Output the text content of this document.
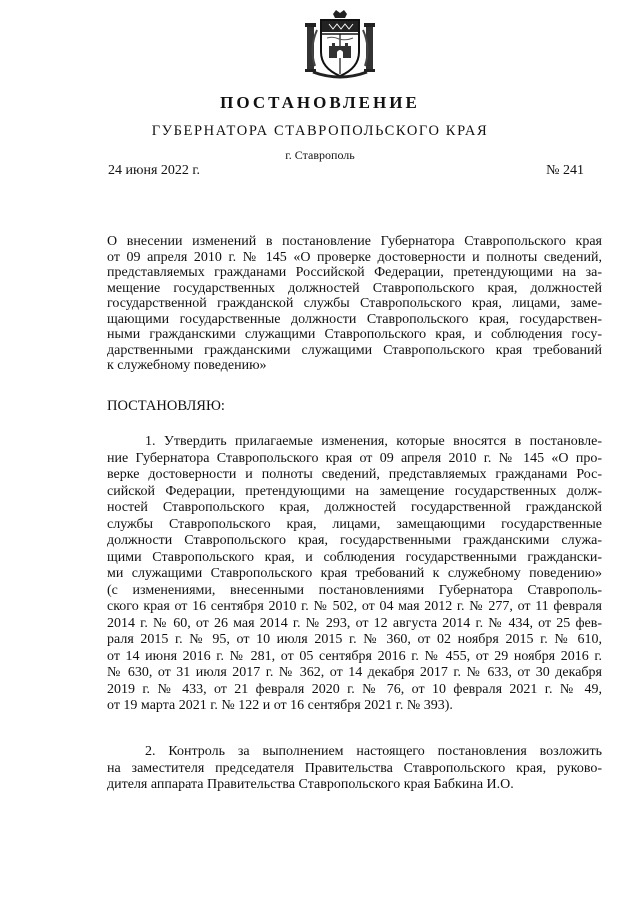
ПОСТАНОВЛЕНИЕ
ГУБЕРНАТОРА СТАВРОПОЛЬСКОГО КРАЯ
г. Ставрополь
24 июня 2022 г.	№ 241
О внесении изменений в постановление Губернатора Ставропольского края
от 09 апреля 2010 г. № 145 «О проверке достоверности и полноты сведений,
представляемых гражданами Российской Федерации, претендующими на за-
мещение государственных должностей Ставропольского края, должностей
государственной гражданской службы Ставропольского края, лицами, заме-
щающими государственные должности Ставропольского края, государствен-
ными гражданскими служащими Ставропольского края, и соблюдения госу-
дарственными гражданскими служащими Ставропольского края требований
к служебному поведению»
ПОСТАНОВЛЯЮ:
1. Утвердить прилагаемые изменения, которые вносятся в постановле-
ние Губернатора Ставропольского края от 09 апреля 2010 г. № 145 «О про-
верке достоверности и полноты сведений, представляемых гражданами Рос-
сийской Федерации, претендующими на замещение государственных долж-
ностей Ставропольского края, должностей государственной гражданской
службы Ставропольского края, лицами, замещающими государственные
должности Ставропольского края, государственными гражданскими служа-
щими Ставропольского края, и соблюдения государственными граждански-
ми служащими Ставропольского края требований к служебному поведению»
(с изменениями, внесенными постановлениями Губернатора Ставрополь-
ского края от 16 сентября 2010 г. № 502, от 04 мая 2012 г. № 277, от 11 февраля
2014 г. № 60, от 26 мая 2014 г. № 293, от 12 августа 2014 г. № 434, от 25 фев-
раля 2015 г. № 95, от 10 июля 2015 г. № 360, от 02 ноября 2015 г. № 610,
от 14 июня 2016 г. № 281, от 05 сентября 2016 г. № 455, от 29 ноября 2016 г.
№ 630, от 31 июля 2017 г. № 362, от 14 декабря 2017 г. № 633, от 30 декабря
2019 г. № 433, от 21 февраля 2020 г. № 76, от 10 февраля 2021 г. № 49,
от 19 марта 2021 г. № 122 и от 16 сентября 2021 г. № 393).
2. Контроль за выполнением настоящего постановления возложить
на заместителя председателя Правительства Ставропольского края, руково-
дителя аппарата Правительства Ставропольского края Бабкина И.О.
